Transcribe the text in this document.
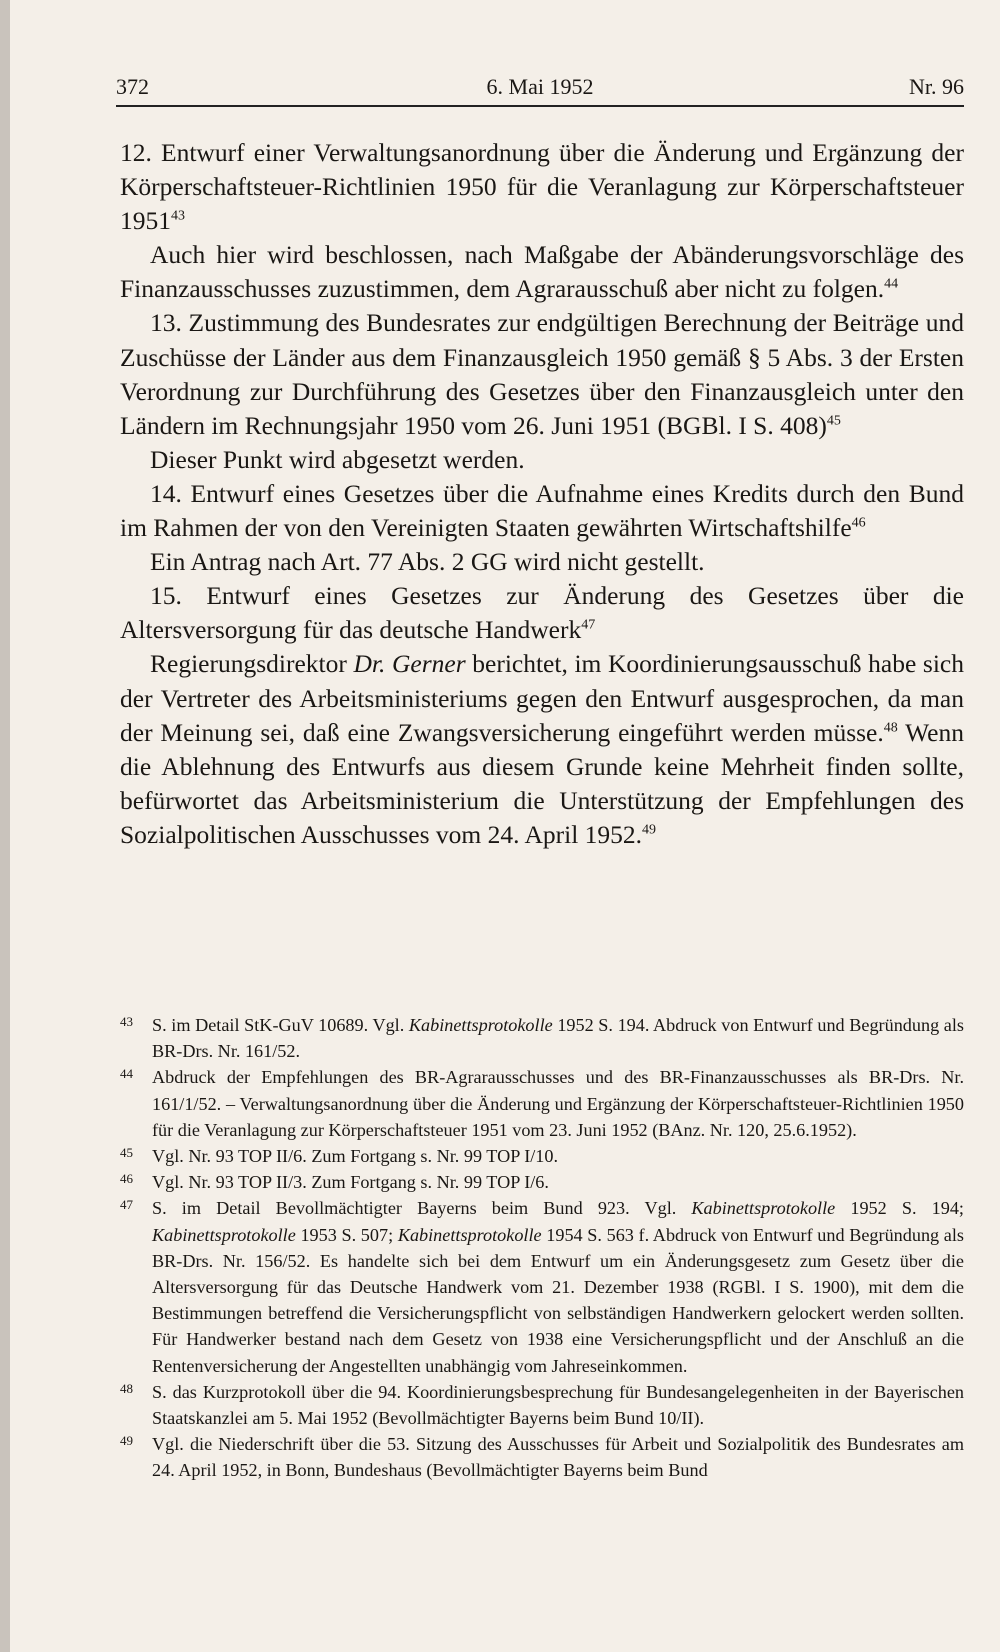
372	6. Mai 1952	Nr. 96

12. Entwurf einer Verwaltungsanordnung über die Änderung und Ergänzung der Körperschaftsteuer-Richtlinien 1950 für die Veranlagung zur Körperschaftsteuer 1951$^{43}$

Auch hier wird beschlossen, nach Maßgabe der Abänderungsvorschläge des Finanzausschusses zuzustimmen, dem Agrarausschuß aber nicht zu folgen.$^{44}$

13. Zustimmung des Bundesrates zur endgültigen Berechnung der Beiträge und Zuschüsse der Länder aus dem Finanzausgleich 1950 gemäß § 5 Abs. 3 der Ersten Verordnung zur Durchführung des Gesetzes über den Finanzausgleich unter den Ländern im Rechnungsjahr 1950 vom 26. Juni 1951 (BGBl. I S. 408)$^{45}$

Dieser Punkt wird abgesetzt werden.

14. Entwurf eines Gesetzes über die Aufnahme eines Kredits durch den Bund im Rahmen der von den Vereinigten Staaten gewährten Wirtschaftshilfe$^{46}$

Ein Antrag nach Art. 77 Abs. 2 GG wird nicht gestellt.

15. Entwurf eines Gesetzes zur Änderung des Gesetzes über die Altersversorgung für das deutsche Handwerk$^{47}$

Regierungsdirektor Dr. Gerner berichtet, im Koordinierungsausschuß habe sich der Vertreter des Arbeitsministeriums gegen den Entwurf ausgesprochen, da man der Meinung sei, daß eine Zwangsversicherung eingeführt werden müsse.$^{48}$ Wenn die Ablehnung des Entwurfs aus diesem Grunde keine Mehrheit finden sollte, befürwortet das Arbeitsministerium die Unterstützung der Empfehlungen des Sozialpolitischen Ausschusses vom 24. April 1952.49

43 S. im Detail StK-GuV 10689. Vgl. Kabinettsprotokolle 1952 S. 194. Abdruck von Entwurf und Begründung als BR-Drs. Nr. 161/52.

44 Abdruck der Empfehlungen des BR-Agrarausschusses und des BR-Finanzausschusses als BR-Drs. Nr. 161/1/52. – Verwaltungsanordnung über die Änderung und Ergänzung der Körperschaftsteuer-Richtlinien 1950 für die Veranlagung zur Körperschaftsteuer 1951 vom 23. Juni 1952 (BAnz. Nr. 120, 25.6.1952).

45 Vgl. Nr. 93 TOP II/6. Zum Fortgang s. Nr. 99 TOP I/10.

46 Vgl. Nr. 93 TOP II/3. Zum Fortgang s. Nr. 99 TOP I/6.

47 S. im Detail Bevollmächtigter Bayerns beim Bund 923. Vgl. Kabinettsprotokolle 1952 S. 194; Kabinettsprotokolle 1953 S. 507; Kabinettsprotokolle 1954 S. 563 f. Abdruck von Entwurf und Begründung als BR-Drs. Nr. 156/52. Es handelte sich bei dem Entwurf um ein Änderungsgesetz zum Gesetz über die Altersversorgung für das Deutsche Handwerk vom 21. Dezember 1938 (RGBl. I S. 1900), mit dem die Bestimmungen betreffend die Versicherungspflicht von selbständigen Handwerkern gelockert werden sollten. Für Handwerker bestand nach dem Gesetz von 1938 eine Versicherungspflicht und der Anschluß an die Rentenversicherung der Angestellten unabhängig vom Jahreseinkommen.

48 S. das Kurzprotokoll über die 94. Koordinierungsbesprechung für Bundesangelegenheiten in der Bayerischen Staatskanzlei am 5. Mai 1952 (Bevollmächtigter Bayerns beim Bund 10/II).

49 Vgl. die Niederschrift über die 53. Sitzung des Ausschusses für Arbeit und Sozialpolitik des Bundesrates am 24. April 1952, in Bonn, Bundeshaus (Bevollmächtigter Bayerns beim Bund
